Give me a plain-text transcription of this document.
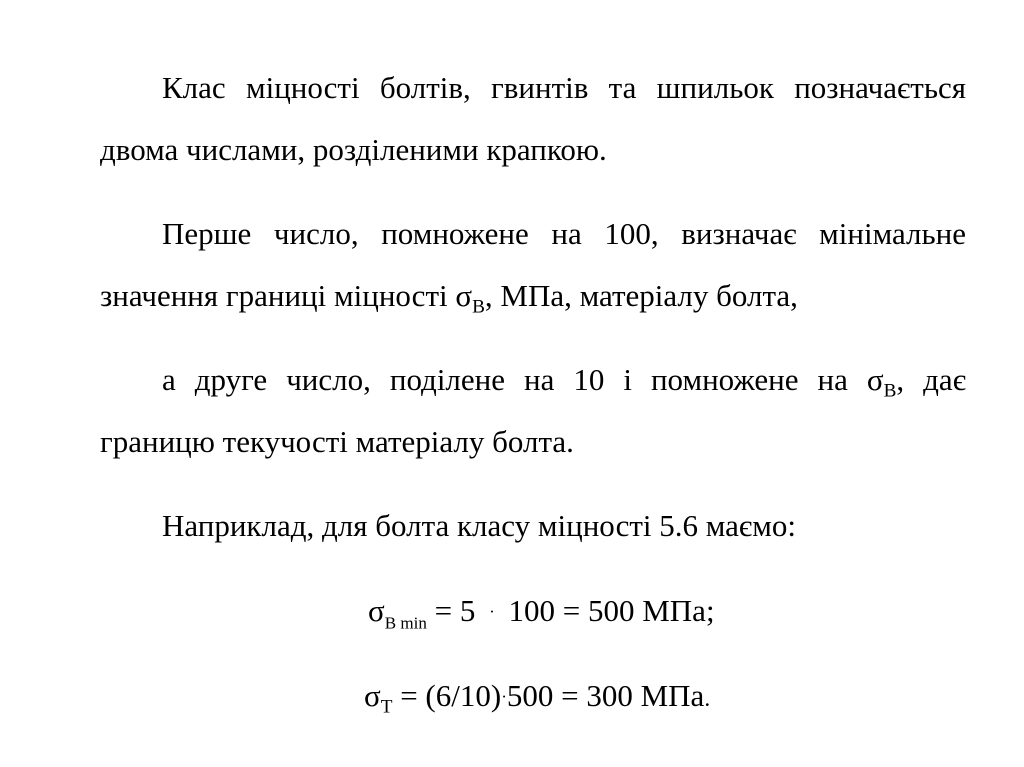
Клас міцності болтів, гвинтів та шпильок позначається двома числами, розділеними крапкою.

Перше число, помножене на 100, визначає мінімальне значення границі міцності $\sigma_В$, МПа, матеріалу болта,

а друге число, поділене на 10 і помножене на $\sigma_В$, дає границю текучості матеріалу болта.

Наприклад, для болта класу міцності 5.6 маємо:

$\sigma_{В min} = 5 \cdot 100 = 500$ МПа;

$\sigma_Т = (6/10)\cdot 500 = 300$ МПа.
